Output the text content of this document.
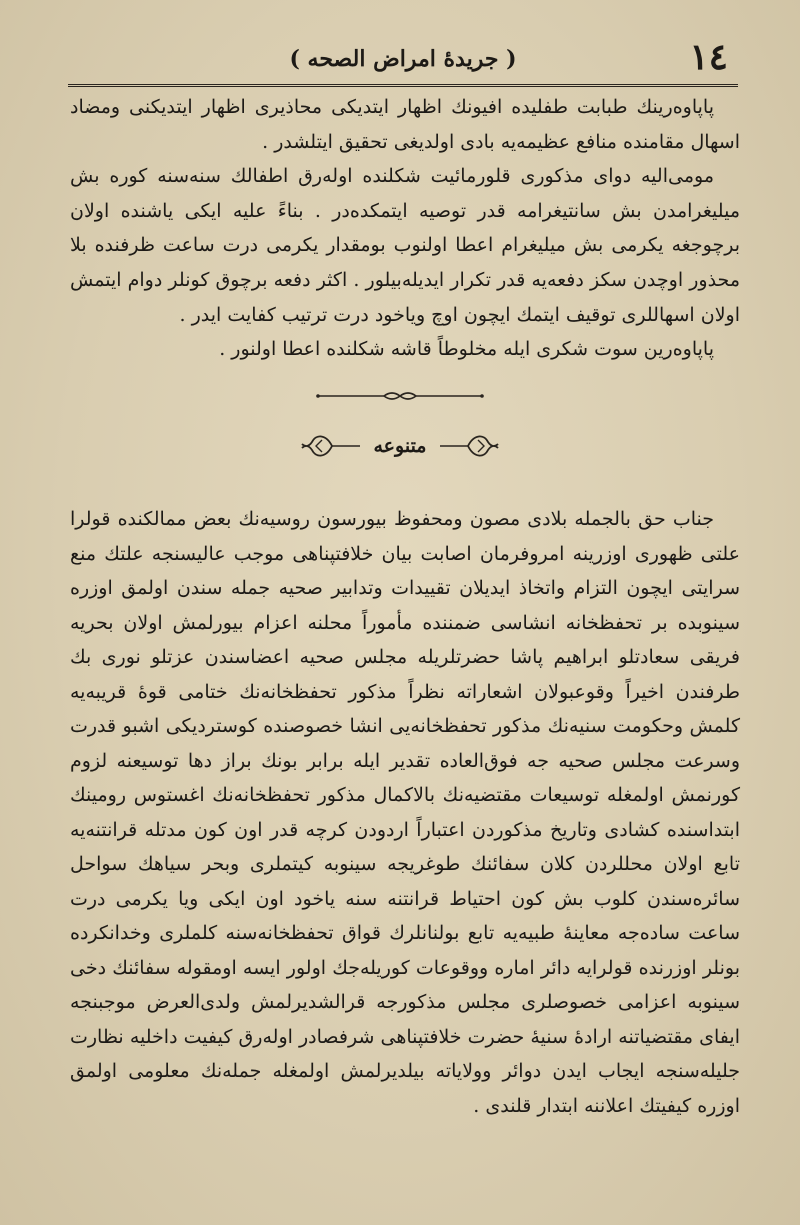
١٤
( جريدهٔ امراض الصحه )

پاپاوه‌رینك طبابت طفلیده افیونك اظهار ایتدیكی محاذیری اظهار ایتدیكنی ومضاد اسهال مقامنده منافع عظیمه‌یه بادی اولدیغی تحقیق ایتلشدر .

مومی‌الیه دوای مذكوری قلورمائیت شكلنده اوله‌رق اطفالك سنه‌سنه كوره بش میلیغرامدن بش سانتیغرامه قدر توصیه ایتمكده‌در . بناءً علیه ایكی یاشنده اولان برچوجغه یكرمی بش میلیغرام اعطا اولنوب بومقدار یكرمی درت ساعت ظرفنده بلا محذور اوچدن سكز دفعه‌یه قدر تكرار ایدیله‌بیلور . اكثر دفعه برچوق كونلر دوام ایتمش اولان اسهاللری توقیف ایتمك ایچون اوچ ویاخود درت ترتیب كفایت ایدر .

پاپاوه‌رین سوت شكری ایله مخلوطاً قاشه شكلنده اعطا اولنور .

متنوعه

جناب حق بالجمله بلادی مصون ومحفوظ بیورسون روسیه‌نك بعض ممالكنده قولرا علتی ظهوری اوزرینه امروفرمان اصابت بیان خلافتپناهی موجب عالیسنجه علتك منع سرایتی ایچون التزام واتخاذ ایدیلان تقییدات وتدابیر صحیه جمله سندن اولمق اوزره سینوبده بر تحفظخانه انشاسی ضمننده مأموراً محلنه اعزام بیورلمش اولان بحریه فریقی سعادتلو ابراهیم پاشا حضرتلریله مجلس صحیه اعضاسندن عزتلو نوری بك طرفندن اخیراً وقوعبولان اشعاراته نظراً مذكور تحفظخانه‌نك ختامی قوهٔ قریبه‌یه كلمش وحكومت سنیه‌نك مذكور تحفظخانه‌یی انشا خصوصنده كوستردیكی اشبو قدرت وسرعت مجلس صحیه جه فوق‌العاده تقدیر ایله برابر بونك براز دها توسیعنه لزوم كورنمش اولمغله توسیعات مقتضیه‌نك بالاكمال مذكور تحفظخانه‌نك اغستوس رومینك ابتداسنده كشادی وتاریخ مذكوردن اعتباراً اردودن كرچه قدر اون كون مدتله قرانتنه‌یه تابع اولان محللردن كلان سفائنك طوغریجه سینوبه كیتملری وبحر سیاهك سواحل سائره‌سندن كلوب بش كون احتیاط قرانتنه سنه یاخود اون ایكی ویا یكرمی درت ساعت ساده‌جه معاینهٔ طبیه‌یه تابع بولنانلرك قواق تحفظخانه‌سنه كلملری وخدانكرده بونلر اوزرنده قولرایه دائر اماره ووقوعات كوریله‌جك اولور ایسه اومقوله سفائنك دخی سینوبه اعزامی خصوصلری مجلس مذكورجه قرالشدیرلمش ولدی‌العرض موجبنجه ایفای مقتضیاتنه ارادهٔ سنیهٔ حضرت خلافتپناهی شرفصادر اوله‌رق كیفیت داخلیه نظارت جلیله‌سنجه ایجاب ایدن دوائر وولایاته بیلدیرلمش اولمغله جمله‌نك معلومی اولمق اوزره كیفیتك اعلاننه ابتدار قلندی .
